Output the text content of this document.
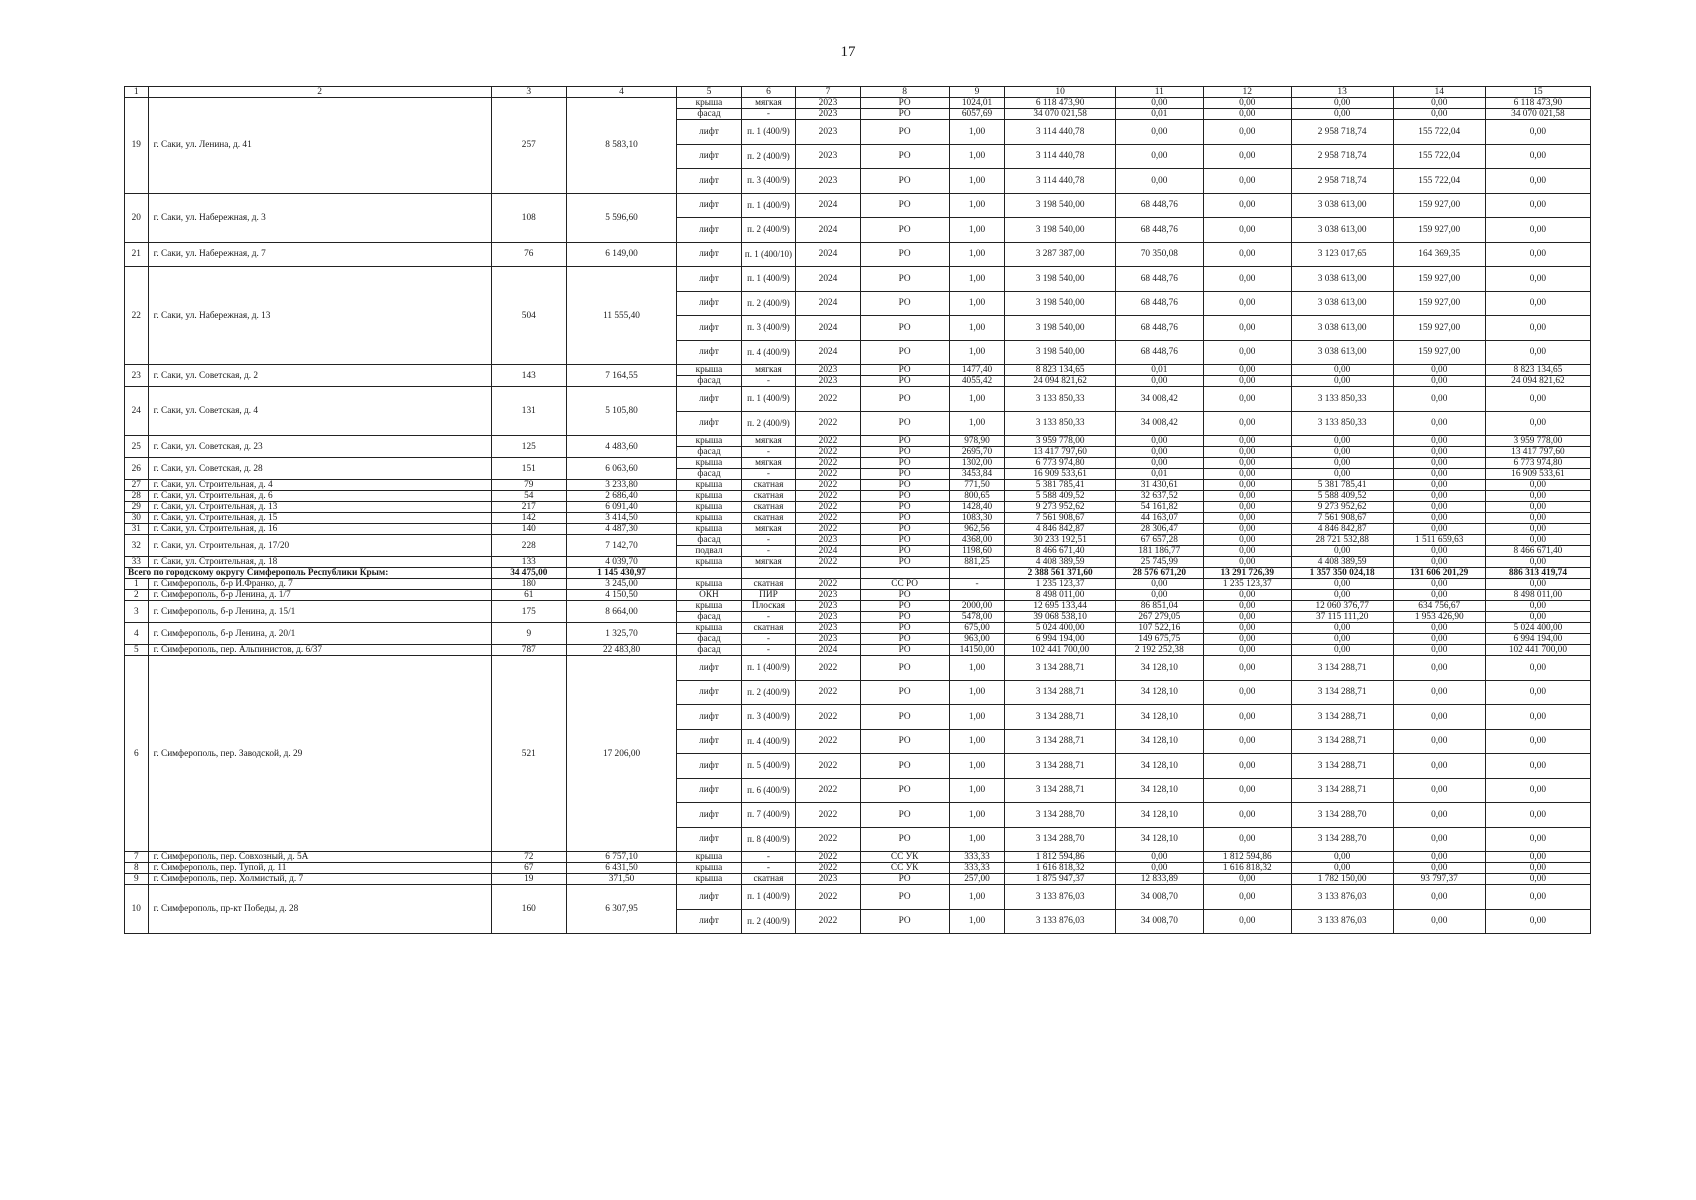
17
1	2	3	4	5	6	7	8	9	10	11	12	13	14	15
19	г. Саки, ул. Ленина, д. 41	257	8 583,10	крыша	мягкая	2023	РО	1024,01	6 118 473,90	0,00	0,00	0,00	0,00	6 118 473,90
				фасад	-	2023	РО	6057,69	34 070 021,58	0,01	0,00	0,00	0,00	34 070 021,58
				лифт	п. 1 (400/9)	2023	РО	1,00	3 114 440,78	0,00	0,00	2 958 718,74	155 722,04	0,00
				лифт	п. 2 (400/9)	2023	РО	1,00	3 114 440,78	0,00	0,00	2 958 718,74	155 722,04	0,00
				лифт	п. 3 (400/9)	2023	РО	1,00	3 114 440,78	0,00	0,00	2 958 718,74	155 722,04	0,00
20	г. Саки, ул. Набережная, д. 3	108	5 596,60	лифт	п. 1 (400/9)	2024	РО	1,00	3 198 540,00	68 448,76	0,00	3 038 613,00	159 927,00	0,00
				лифт	п. 2 (400/9)	2024	РО	1,00	3 198 540,00	68 448,76	0,00	3 038 613,00	159 927,00	0,00
21	г. Саки, ул. Набережная, д. 7	76	6 149,00	лифт	п. 1 (400/10)	2024	РО	1,00	3 287 387,00	70 350,08	0,00	3 123 017,65	164 369,35	0,00
22	г. Саки, ул. Набережная, д. 13	504	11 555,40	лифт	п. 1 (400/9)	2024	РО	1,00	3 198 540,00	68 448,76	0,00	3 038 613,00	159 927,00	0,00
				лифт	п. 2 (400/9)	2024	РО	1,00	3 198 540,00	68 448,76	0,00	3 038 613,00	159 927,00	0,00
				лифт	п. 3 (400/9)	2024	РО	1,00	3 198 540,00	68 448,76	0,00	3 038 613,00	159 927,00	0,00
				лифт	п. 4 (400/9)	2024	РО	1,00	3 198 540,00	68 448,76	0,00	3 038 613,00	159 927,00	0,00
23	г. Саки, ул. Советская, д. 2	143	7 164,55	крыша	мягкая	2023	РО	1477,40	8 823 134,65	0,01	0,00	0,00	0,00	8 823 134,65
				фасад	-	2023	РО	4055,42	24 094 821,62	0,00	0,00	0,00	0,00	24 094 821,62
24	г. Саки, ул. Советская, д. 4	131	5 105,80	лифт	п. 1 (400/9)	2022	РО	1,00	3 133 850,33	34 008,42	0,00	3 133 850,33	0,00	0,00
				лифт	п. 2 (400/9)	2022	РО	1,00	3 133 850,33	34 008,42	0,00	3 133 850,33	0,00	0,00
25	г. Саки, ул. Советская, д. 23	125	4 483,60	крыша	мягкая	2022	РО	978,90	3 959 778,00	0,00	0,00	0,00	0,00	3 959 778,00
				фасад	-	2022	РО	2695,70	13 417 797,60	0,00	0,00	0,00	0,00	13 417 797,60
26	г. Саки, ул. Советская, д. 28	151	6 063,60	крыша	мягкая	2022	РО	1302,00	6 773 974,80	0,00	0,00	0,00	0,00	6 773 974,80
				фасад	-	2022	РО	3453,84	16 909 533,61	0,01	0,00	0,00	0,00	16 909 533,61
27	г. Саки, ул. Строительная, д. 4	79	3 233,80	крыша	скатная	2022	РО	771,50	5 381 785,41	31 430,61	0,00	5 381 785,41	0,00	0,00
28	г. Саки, ул. Строительная, д. 6	54	2 686,40	крыша	скатная	2022	РО	800,65	5 588 409,52	32 637,52	0,00	5 588 409,52	0,00	0,00
29	г. Саки, ул. Строительная, д. 13	217	6 091,40	крыша	скатная	2022	РО	1428,40	9 273 952,62	54 161,82	0,00	9 273 952,62	0,00	0,00
30	г. Саки, ул. Строительная, д. 15	142	3 414,50	крыша	скатная	2022	РО	1083,30	7 561 908,67	44 163,07	0,00	7 561 908,67	0,00	0,00
31	г. Саки, ул. Строительная, д. 16	140	4 487,30	крыша	мягкая	2022	РО	962,56	4 846 842,87	28 306,47	0,00	4 846 842,87	0,00	0,00
32	г. Саки, ул. Строительная, д. 17/20	228	7 142,70	фасад	-	2023	РО	4368,00	30 233 192,51	67 657,28	0,00	28 721 532,88	1 511 659,63	0,00
				подвал	-	2024	РО	1198,60	8 466 671,40	181 186,77	0,00	0,00	0,00	8 466 671,40
33	г. Саки, ул. Строительная, д. 18	133	4 039,70	крыша	мягкая	2022	РО	881,25	4 408 389,59	25 745,99	0,00	4 408 389,59	0,00	0,00
Всего по городскому округу Симферополь Республики Крым:		34 475,00	1 145 430,97						2 388 561 371,60	28 576 671,20	13 291 726,39	1 357 350 024,18	131 606 201,29	886 313 419,74
1	г. Симферополь, б-р И.Франко, д. 7	180	3 245,00	крыша	скатная	2022	СС РО	-	1 235 123,37	0,00	1 235 123,37	0,00	0,00	0,00
2	г. Симферополь, б-р Ленина, д. 1/7	61	4 150,50	ОКН	ПИР	2023	РО		8 498 011,00	0,00	0,00	0,00	0,00	8 498 011,00
3	г. Симферополь, б-р Ленина, д. 15/1	175	8 664,00	крыша	Плоская	2023	РО	2000,00	12 695 133,44	86 851,04	0,00	12 060 376,77	634 756,67	0,00
				фасад	-	2023	РО	5478,00	39 068 538,10	267 279,05	0,00	37 115 111,20	1 953 426,90	0,00
4	г. Симферополь, б-р Ленина, д. 20/1	9	1 325,70	крыша	скатная	2023	РО	675,00	5 024 400,00	107 522,16	0,00	0,00	0,00	5 024 400,00
				фасад	-	2023	РО	963,00	6 994 194,00	149 675,75	0,00	0,00	0,00	6 994 194,00
5	г. Симферополь, пер. Альпинистов, д. 6/37	787	22 483,80	фасад	-	2024	РО	14150,00	102 441 700,00	2 192 252,38	0,00	0,00	0,00	102 441 700,00
6	г. Симферополь, пер. Заводской, д. 29	521	17 206,00	лифт	п. 1 (400/9)	2022	РО	1,00	3 134 288,71	34 128,10	0,00	3 134 288,71	0,00	0,00
				лифт	п. 2 (400/9)	2022	РО	1,00	3 134 288,71	34 128,10	0,00	3 134 288,71	0,00	0,00
				лифт	п. 3 (400/9)	2022	РО	1,00	3 134 288,71	34 128,10	0,00	3 134 288,71	0,00	0,00
				лифт	п. 4 (400/9)	2022	РО	1,00	3 134 288,71	34 128,10	0,00	3 134 288,71	0,00	0,00
				лифт	п. 5 (400/9)	2022	РО	1,00	3 134 288,71	34 128,10	0,00	3 134 288,71	0,00	0,00
				лифт	п. 6 (400/9)	2022	РО	1,00	3 134 288,71	34 128,10	0,00	3 134 288,71	0,00	0,00
				лифт	п. 7 (400/9)	2022	РО	1,00	3 134 288,70	34 128,10	0,00	3 134 288,70	0,00	0,00
				лифт	п. 8 (400/9)	2022	РО	1,00	3 134 288,70	34 128,10	0,00	3 134 288,70	0,00	0,00
7	г. Симферополь, пер. Совхозный, д. 5А	72	6 757,10	крыша	-	2022	СС УК	333,33	1 812 594,86	0,00	1 812 594,86	0,00	0,00	0,00
8	г. Симферополь, пер. Тупой, д. 11	67	6 431,50	крыша	-	2022	СС УК	333,33	1 616 818,32	0,00	1 616 818,32	0,00	0,00	0,00
9	г. Симферополь, пер. Холмистый, д. 7	19	371,50	крыша	скатная	2023	РО	257,00	1 875 947,37	12 833,89	0,00	1 782 150,00	93 797,37	0,00
10	г. Симферополь, пр-кт Победы, д. 28	160	6 307,95	лифт	п. 1 (400/9)	2022	РО	1,00	3 133 876,03	34 008,70	0,00	3 133 876,03	0,00	0,00
				лифт	п. 2 (400/9)	2022	РО	1,00	3 133 876,03	34 008,70	0,00	3 133 876,03	0,00	0,00
